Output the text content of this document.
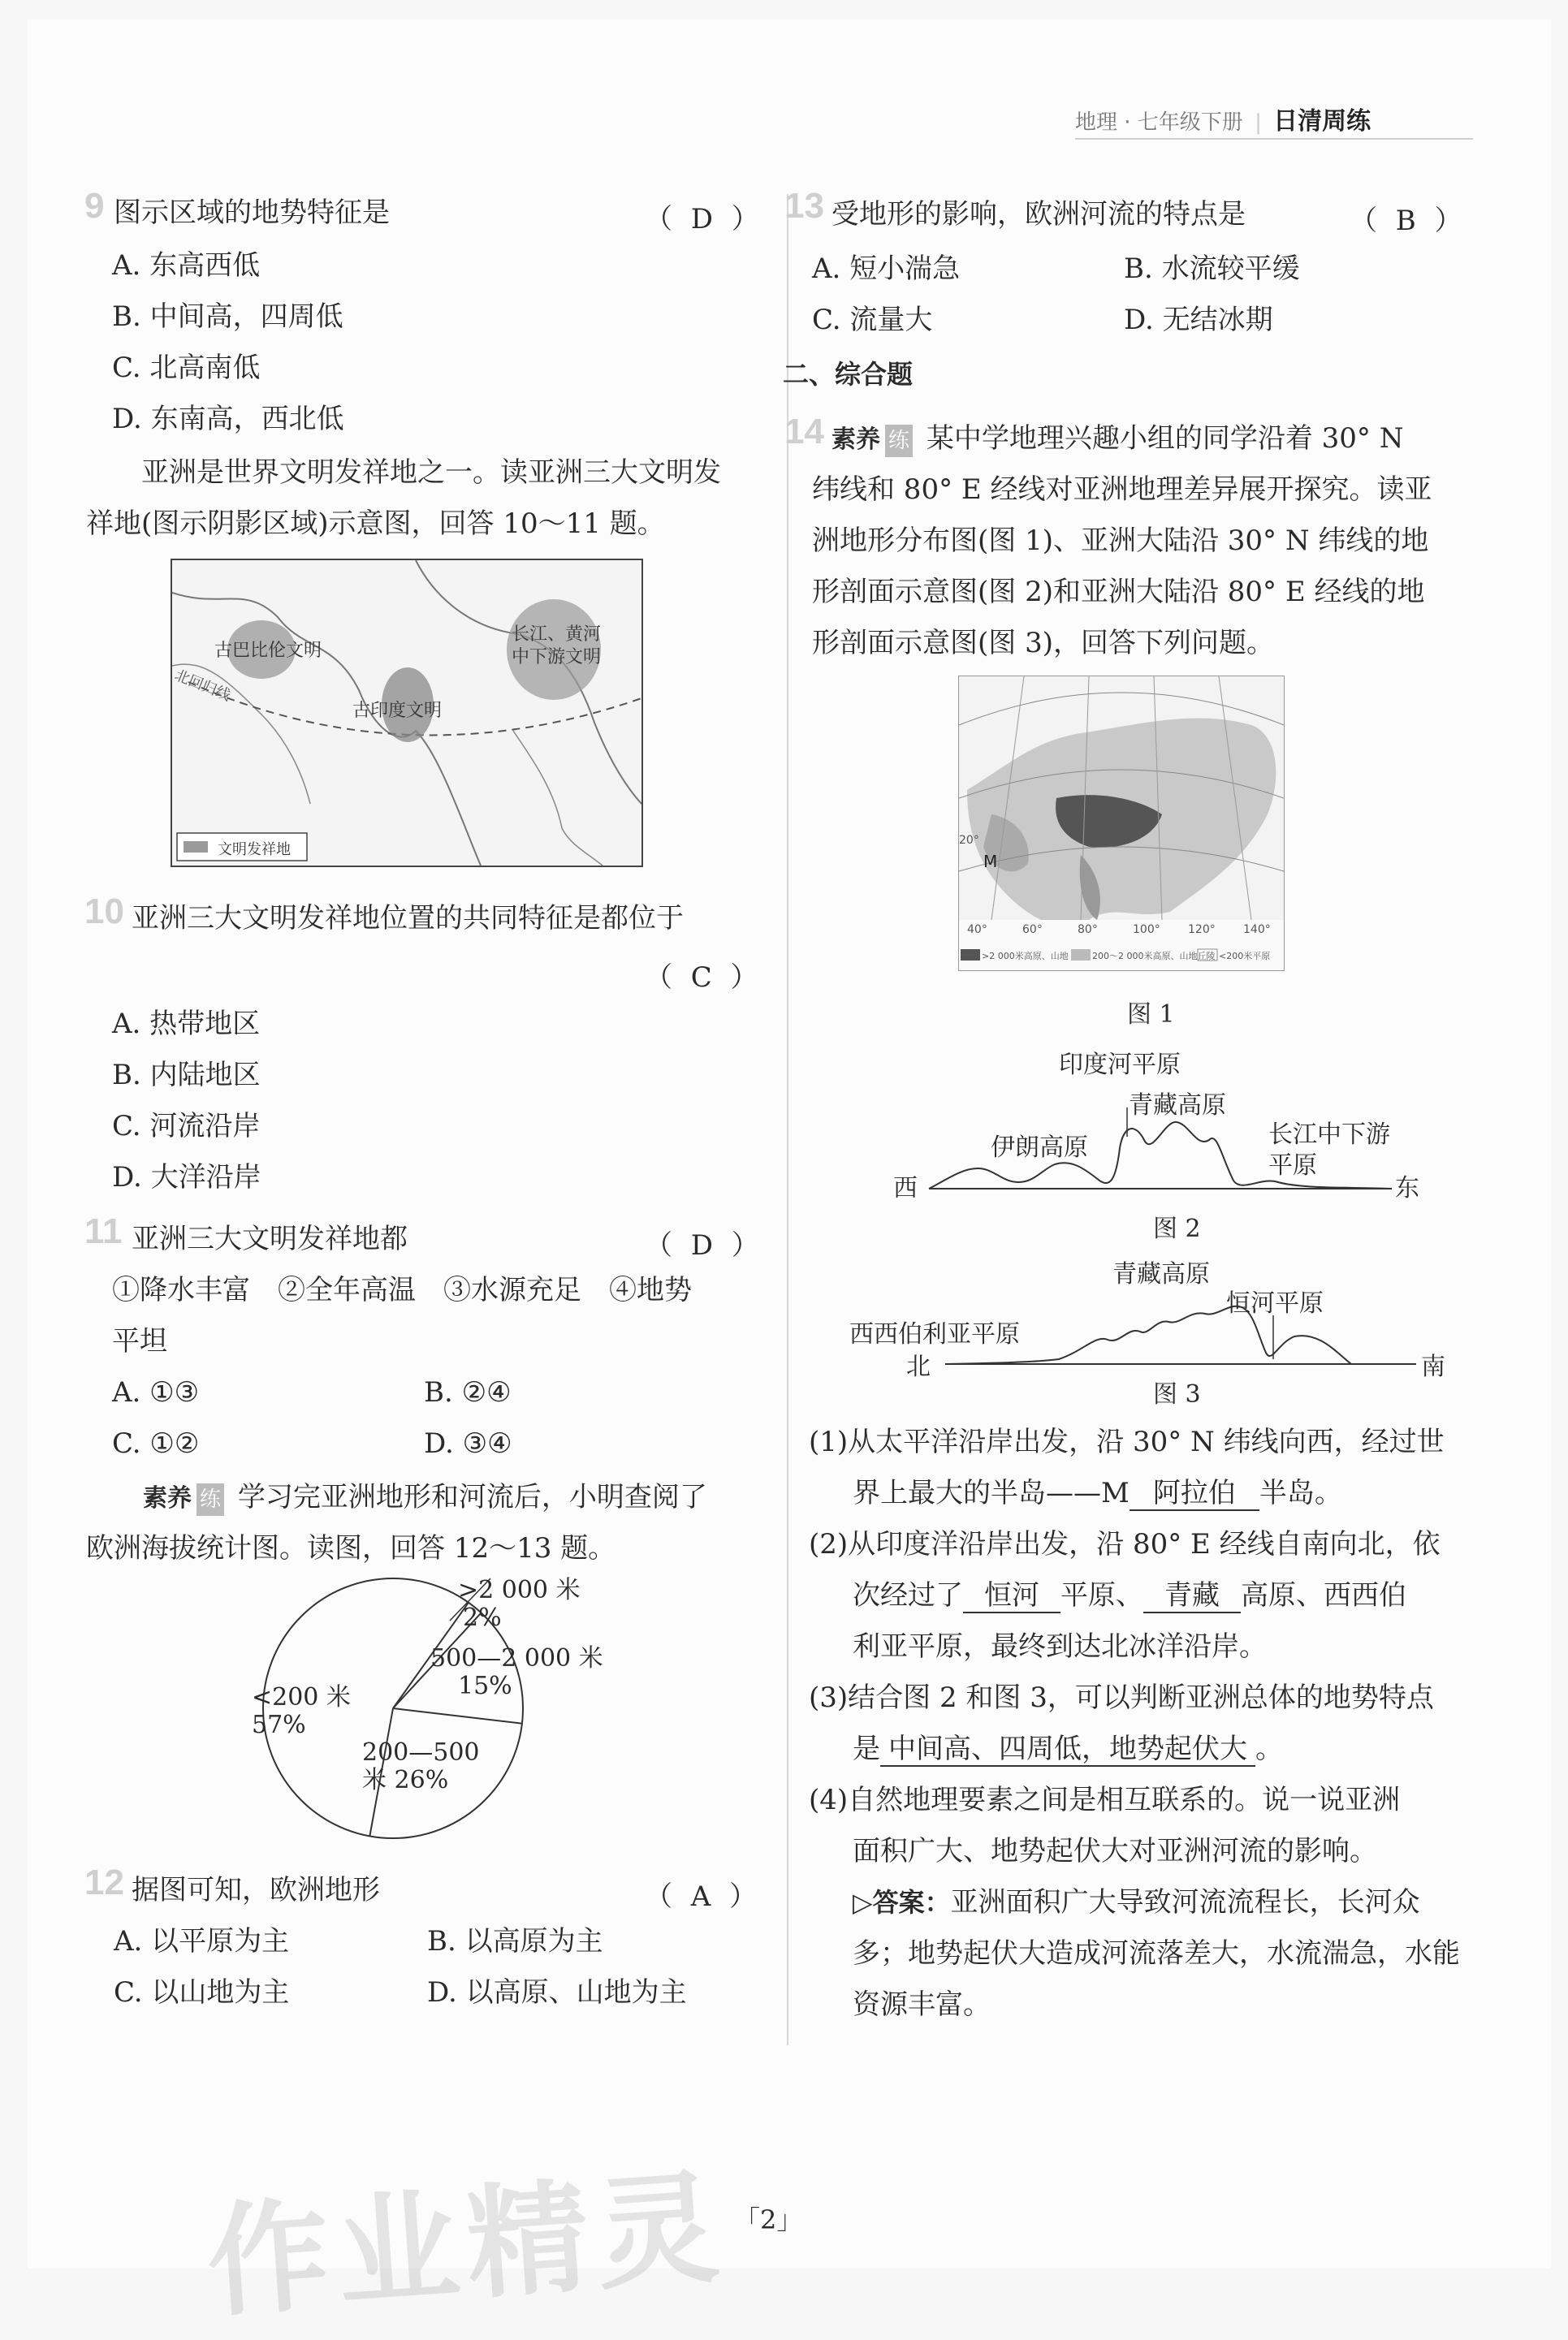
地理 · 七年级下册 | 日清周练
9 图示区域的地势特征是	（ D ）
A. 东高西低
B. 中间高，四周低
C. 北高南低
D. 东南高，西北低
亚洲是世界文明发祥地之一。读亚洲三大文明发
祥地(图示阴影区域)示意图，回答 10～11 题。
古巴比伦文明
古印度文明
长江、黄河
中下游文明
北回归线
文明发祥地
10 亚洲三大文明发祥地位置的共同特征是都位于
（ C ）
A. 热带地区
B. 内陆地区
C. 河流沿岸
D. 大洋沿岸
11 亚洲三大文明发祥地都	（ D ）
①降水丰富　②全年高温　③水源充足　④地势
平坦
A. ①③	B. ②④
C. ①②	D. ③④
素养 练 学习完亚洲地形和河流后，小明查阅了
欧洲海拔统计图。读图，回答 12～13 题。
<200 米
57%
200—500
米 26%
500—2 000 米
15%
>2 000 米
2%
12 据图可知，欧洲地形	（ A ）
A. 以平原为主	B. 以高原为主
C. 以山地为主	D. 以高原、山地为主
13 受地形的影响，欧洲河流的特点是	（ B ）
A. 短小湍急	B. 水流较平缓
C. 流量大	D. 无结冰期
二、综合题
14 素养 练 某中学地理兴趣小组的同学沿着 30° N
纬线和 80° E 经线对亚洲地理差异展开探究。读亚
洲地形分布图(图 1)、亚洲大陆沿 30° N 纬线的地
形剖面示意图(图 2)和亚洲大陆沿 80° E 经线的地
形剖面示意图(图 3)，回答下列问题。
M
20°
40°	60°	80°	100° 120° 140°
>2 000米高原、山地	200～2 000米高原、山地丘陵 <200米平原
图 1
西	东
印度河平原
青藏高原
伊朗高原	长江中下游
平原
图 2
北	南
青藏高原
恒河平原
西西伯利亚平原
图 3
(1)从太平洋沿岸出发，沿 30° N 纬线向西，经过世
界上最大的半岛——M 阿拉伯 半岛。
(2)从印度洋沿岸出发，沿 80° E 经线自南向北，依
次经过了 恒河 平原、 青藏 高原、西西伯
利亚平原，最终到达北冰洋沿岸。
(3)结合图 2 和图 3，可以判断亚洲总体的地势特点
是 中间高、四周低，地势起伏大 。
(4)自然地理要素之间是相互联系的。说一说亚洲
面积广大、地势起伏大对亚洲河流的影响。
▷答案：亚洲面积广大导致河流流程长，长河众
多；地势起伏大造成河流落差大，水流湍急，水能
资源丰富。
「2」
作业精灵
